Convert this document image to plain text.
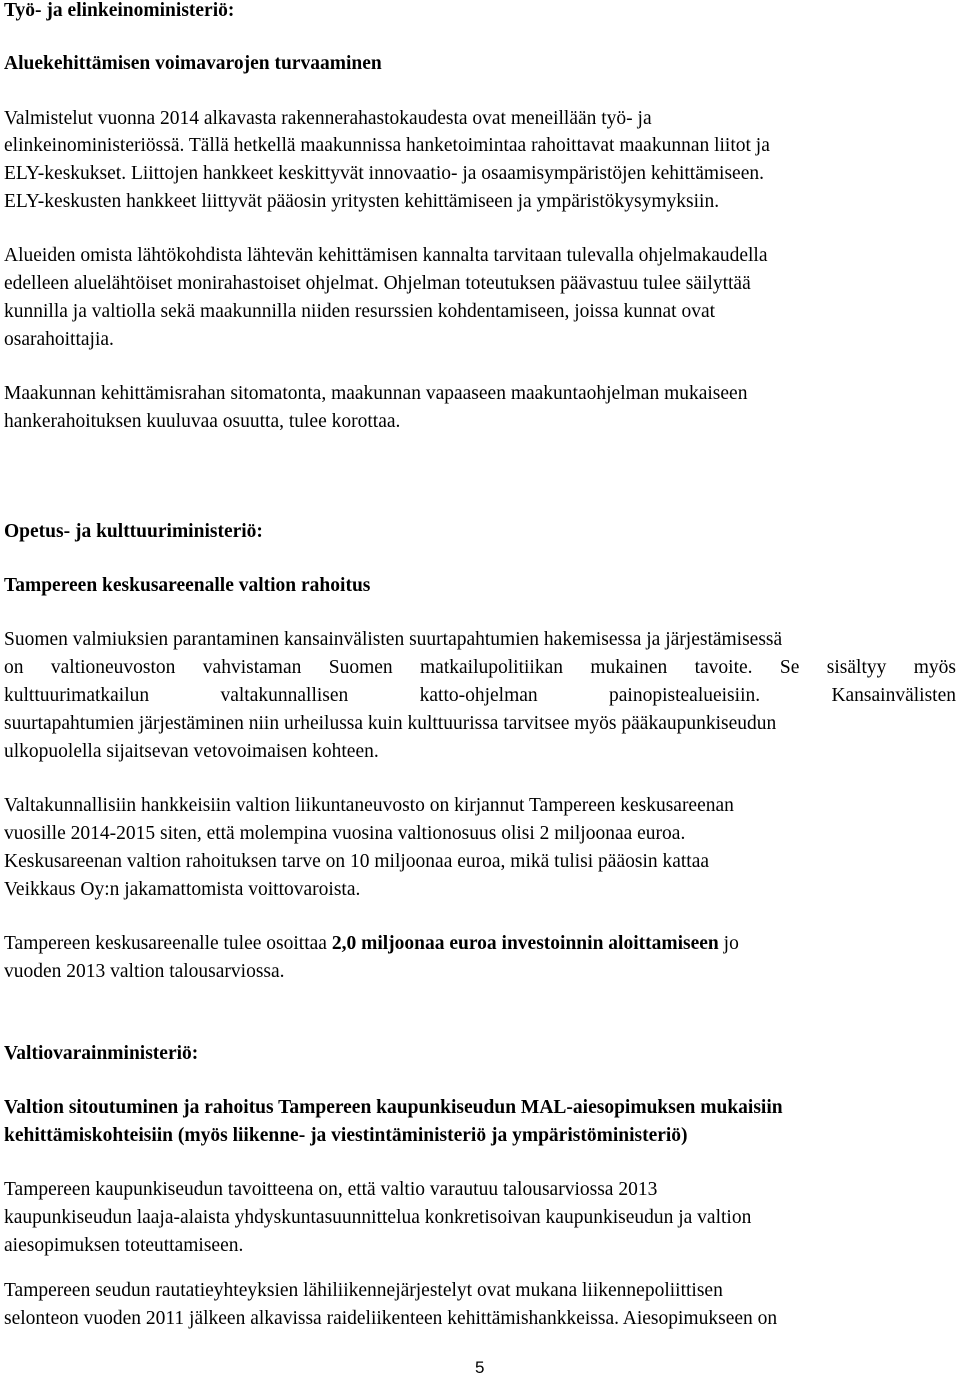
Työ- ja elinkeinoministeriö:
Aluekehittämisen voimavarojen turvaaminen
Valmistelut vuonna 2014 alkavasta rakennerahastokaudesta ovat meneillään työ- ja
elinkeinoministeriössä. Tällä hetkellä maakunnissa hanketoimintaa rahoittavat maakunnan liitot ja
ELY-keskukset. Liittojen hankkeet keskittyvät innovaatio- ja osaamisympäristöjen kehittämiseen.
ELY-keskusten hankkeet liittyvät pääosin yritysten kehittämiseen ja ympäristökysymyksiin.
Alueiden omista lähtökohdista lähtevän kehittämisen kannalta tarvitaan tulevalla ohjelmakaudella
edelleen aluelähtöiset monirahastoiset ohjelmat. Ohjelman toteutuksen päävastuu tulee säilyttää
kunnilla ja valtiolla sekä maakunnilla niiden resurssien kohdentamiseen, joissa kunnat ovat
osarahoittajia.
Maakunnan kehittämisrahan sitomatonta, maakunnan vapaaseen maakuntaohjelman mukaiseen
hankerahoituksen kuuluvaa osuutta, tulee korottaa.
Opetus- ja kulttuuriministeriö:
Tampereen keskusareenalle valtion rahoitus
Suomen valmiuksien parantaminen kansainvälisten suurtapahtumien hakemisessa ja järjestämisessä
on valtioneuvoston vahvistaman Suomen matkailupolitiikan mukainen tavoite. Se sisältyy myös
kulttuurimatkailun valtakunnallisen katto-ohjelman painopistealueisiin. Kansainvälisten
suurtapahtumien järjestäminen niin urheilussa kuin kulttuurissa tarvitsee myös pääkaupunkiseudun
ulkopuolella sijaitsevan vetovoimaisen kohteen.
Valtakunnallisiin hankkeisiin valtion liikuntaneuvosto on kirjannut Tampereen keskusareenan
vuosille 2014-2015 siten, että molempina vuosina valtionosuus olisi 2 miljoonaa euroa.
Keskusareenan valtion rahoituksen tarve on 10 miljoonaa euroa, mikä tulisi pääosin kattaa
Veikkaus Oy:n jakamattomista voittovaroista.
Tampereen keskusareenalle tulee osoittaa 2,0 miljoonaa euroa investoinnin aloittamiseen jo
vuoden 2013 valtion talousarviossa.
Valtiovarainministeriö:
Valtion sitoutuminen ja rahoitus Tampereen kaupunkiseudun MAL-aiesopimuksen mukaisiin
kehittämiskohteisiin (myös liikenne- ja viestintäministeriö ja ympäristöministeriö)
Tampereen kaupunkiseudun tavoitteena on, että valtio varautuu talousarviossa 2013
kaupunkiseudun laaja-alaista yhdyskuntasuunnittelua konkretisoivan kaupunkiseudun ja valtion
aiesopimuksen toteuttamiseen.
Tampereen seudun rautatieyhteyksien lähiliikennejärjestelyt ovat mukana liikennepoliittisen
selonteon vuoden 2011 jälkeen alkavissa raideliikenteen kehittämishankkeissa. Aiesopimukseen on
5
